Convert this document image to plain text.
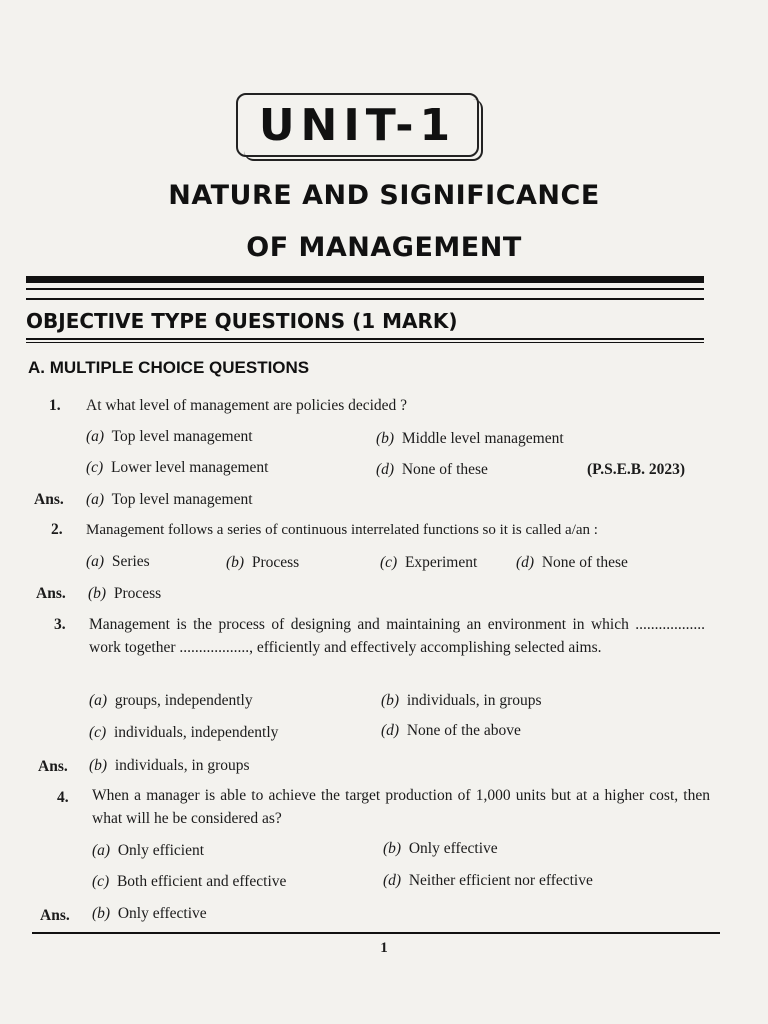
UNIT-1
NATURE AND SIGNIFICANCE
OF MANAGEMENT
OBJECTIVE TYPE QUESTIONS (1 MARK)
A. MULTIPLE CHOICE QUESTIONS
1. At what level of management are policies decided ?
(a) Top level management	(b) Middle level management
(c) Lower level management	(d) None of these	(P.S.E.B. 2023)
Ans. (a) Top level management
2. Management follows a series of continuous interrelated functions so it is called a/an :
(a) Series	(b) Process	(c) Experiment (d) None of these
Ans. (b) Process
3. Management is the process of designing and maintaining an environment in which .................. work together .................., efficiently and effectively accomplishing selected aims.
(a) groups, independently	(b) individuals, in groups
(c) individuals, independently	(d) None of the above
Ans. (b) individuals, in groups
4. When a manager is able to achieve the target production of 1,000 units but at a higher cost, then what will he be considered as?
(a) Only efficient	(b) Only effective
(c) Both efficient and effective	(d) Neither efficient nor effective
Ans. (b) Only effective
1
